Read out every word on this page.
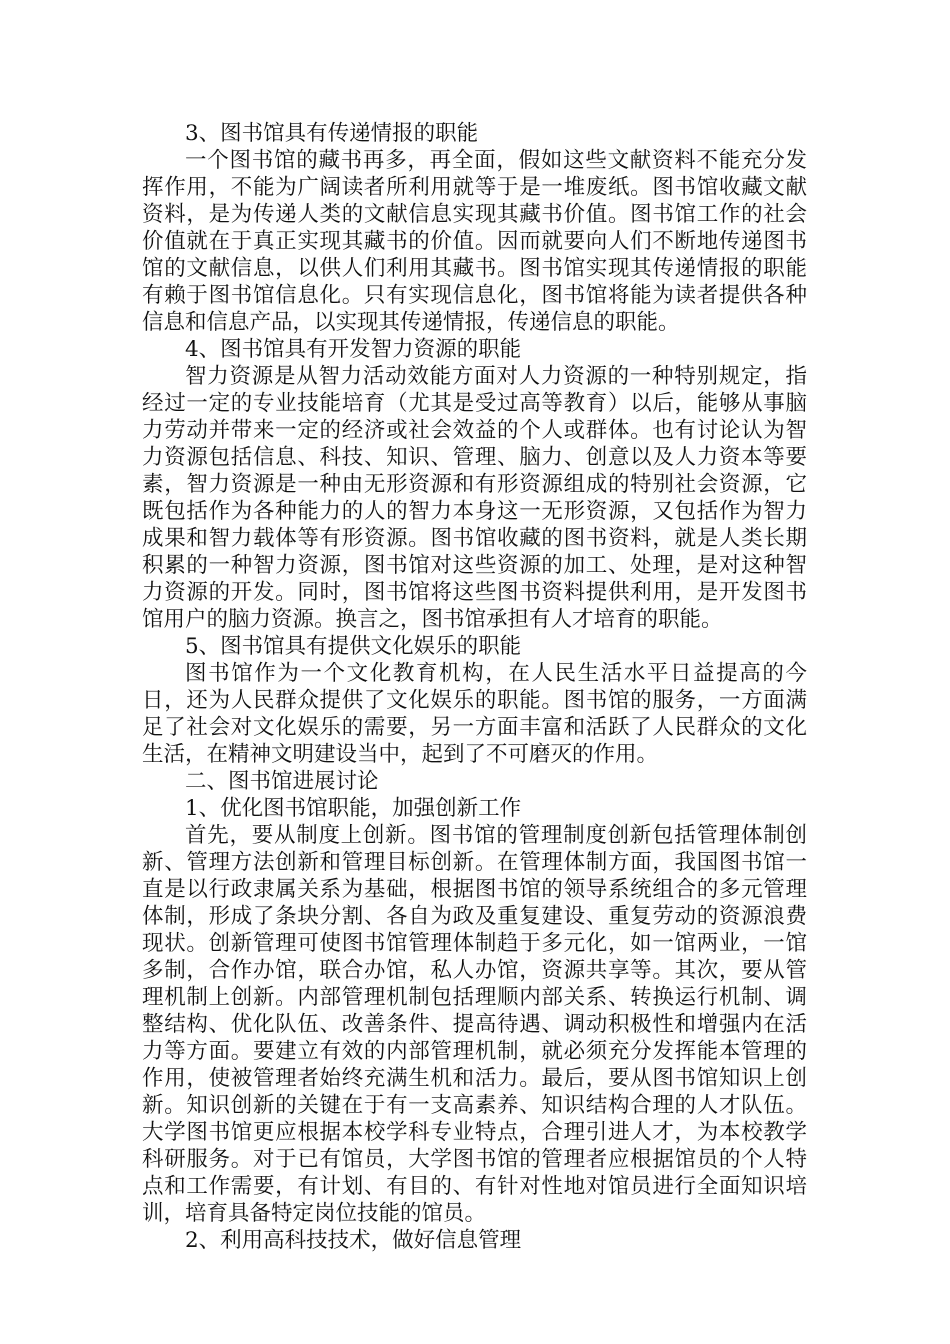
3、图书馆具有传递情报的职能

一个图书馆的藏书再多，再全面，假如这些文献资料不能充分发挥作用，不能为广阔读者所利用就等于是一堆废纸。图书馆收藏文献资料，是为传递人类的文献信息实现其藏书价值。图书馆工作的社会价值就在于真正实现其藏书的价值。因而就要向人们不断地传递图书馆的文献信息，以供人们利用其藏书。图书馆实现其传递情报的职能有赖于图书馆信息化。只有实现信息化，图书馆将能为读者提供各种信息和信息产品，以实现其传递情报，传递信息的职能。

4、图书馆具有开发智力资源的职能

智力资源是从智力活动效能方面对人力资源的一种特别规定，指经过一定的专业技能培育（尤其是受过高等教育）以后，能够从事脑力劳动并带来一定的经济或社会效益的个人或群体。也有讨论认为智力资源包括信息、科技、知识、管理、脑力、创意以及人力资本等要素，智力资源是一种由无形资源和有形资源组成的特别社会资源，它既包括作为各种能力的人的智力本身这一无形资源，又包括作为智力成果和智力载体等有形资源。图书馆收藏的图书资料，就是人类长期积累的一种智力资源，图书馆对这些资源的加工、处理，是对这种智力资源的开发。同时，图书馆将这些图书资料提供利用，是开发图书馆用户的脑力资源。换言之，图书馆承担有人才培育的职能。

5、图书馆具有提供文化娱乐的职能

图书馆作为一个文化教育机构，在人民生活水平日益提高的今日，还为人民群众提供了文化娱乐的职能。图书馆的服务，一方面满足了社会对文化娱乐的需要，另一方面丰富和活跃了人民群众的文化生活，在精神文明建设当中，起到了不可磨灭的作用。

二、图书馆进展讨论

1、优化图书馆职能，加强创新工作

首先，要从制度上创新。图书馆的管理制度创新包括管理体制创新、管理方法创新和管理目标创新。在管理体制方面，我国图书馆一直是以行政隶属关系为基础，根据图书馆的领导系统组合的多元管理体制，形成了条块分割、各自为政及重复建设、重复劳动的资源浪费现状。创新管理可使图书馆管理体制趋于多元化，如一馆两业，一馆多制，合作办馆，联合办馆，私人办馆，资源共享等。其次，要从管理机制上创新。内部管理机制包括理顺内部关系、转换运行机制、调整结构、优化队伍、改善条件、提高待遇、调动积极性和增强内在活力等方面。要建立有效的内部管理机制，就必须充分发挥能本管理的作用，使被管理者始终充满生机和活力。最后，要从图书馆知识上创新。知识创新的关键在于有一支高素养、知识结构合理的人才队伍。大学图书馆更应根据本校学科专业特点，合理引进人才，为本校教学科研服务。对于已有馆员，大学图书馆的管理者应根据馆员的个人特点和工作需要，有计划、有目的、有针对性地对馆员进行全面知识培训，培育具备特定岗位技能的馆员。

2、利用高科技技术，做好信息管理
